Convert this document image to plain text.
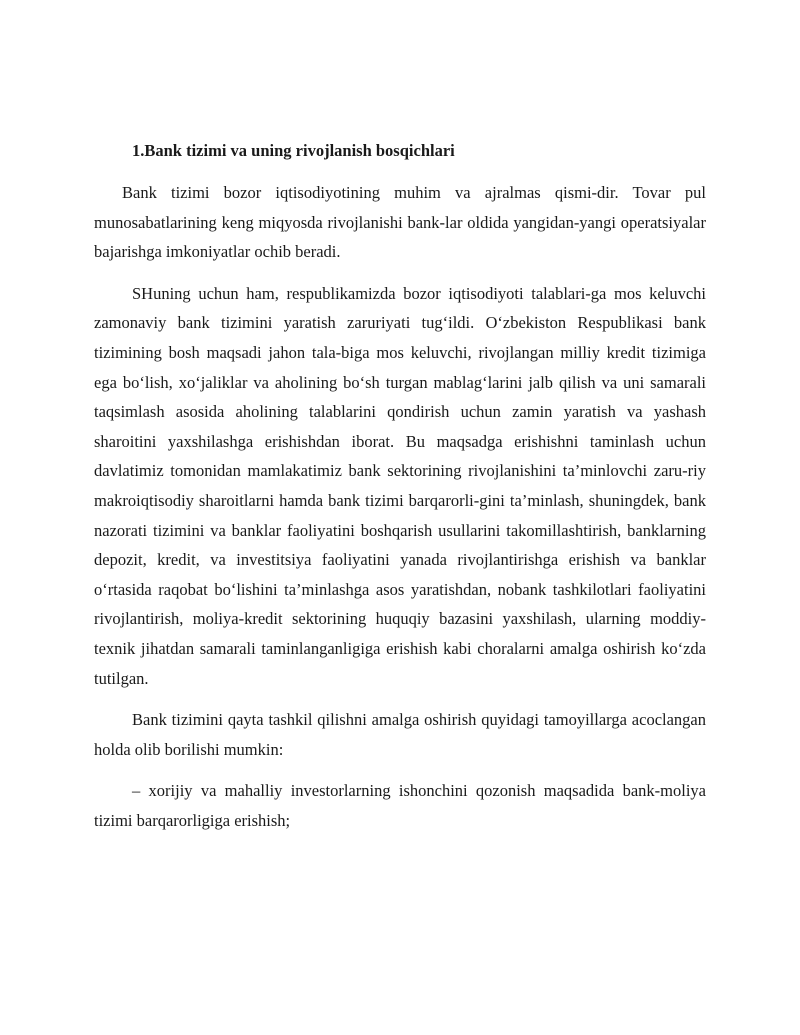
1.Bank tizimi va uning rivojlanish bosqichlari

Bank tizimi bozor iqtisodiyotining muhim va ajralmas qismi-dir. Tovar pul munosabatlarining keng miqyosda rivojlanishi bank-lar oldida yangidan-yangi operatsiyalar bajarishga imkoniyatlar ochib beradi.

SHuning uchun ham, respublikamizda bozor iqtisodiyoti talablari-ga mos keluvchi zamonaviy bank tizimini yaratish zaruriyati tug‘ildi. O‘zbekiston Respublikasi bank tizimining bosh maqsadi jahon tala-biga mos keluvchi, rivojlangan milliy kredit tizimiga ega bo‘lish, xo‘jaliklar va aholining bo‘sh turgan mablag‘larini jalb qilish va uni samarali taqsimlash asosida aholining talablarini qondirish uchun zamin yaratish va yashash sharoitini yaxshilashga erishishdan iborat. Bu maqsadga erishishni taminlash uchun davlatimiz tomonidan mamlakatimiz bank sektorining rivojlanishini ta’minlovchi zaru-riy makroiqtisodiy sharoitlarni hamda bank tizimi barqarorli-gini ta’minlash, shuningdek, bank nazorati tizimini va banklar faoliyatini boshqarish usullarini takomillashtirish, banklarning depozit, kredit, va investitsiya faoliyatini yanada rivojlantirishga erishish va banklar o‘rtasida raqobat bo‘lishini ta’minlashga asos yaratishdan, nobank tashkilotlari faoliyatini rivojlantirish, moliya-kredit sektorining huquqiy bazasini yaxshilash, ularning moddiy-texnik jihatdan samarali taminlanganligiga erishish kabi choralarni amalga oshirish ko‘zda tutilgan.

Bank tizimini qayta tashkil qilishni amalga oshirish quyidagi tamoyillarga acoclangan holda olib borilishi mumkin:

– xorijiy va mahalliy investorlarning ishonchini qozonish maqsadida bank-moliya tizimi barqarorligiga erishish;
